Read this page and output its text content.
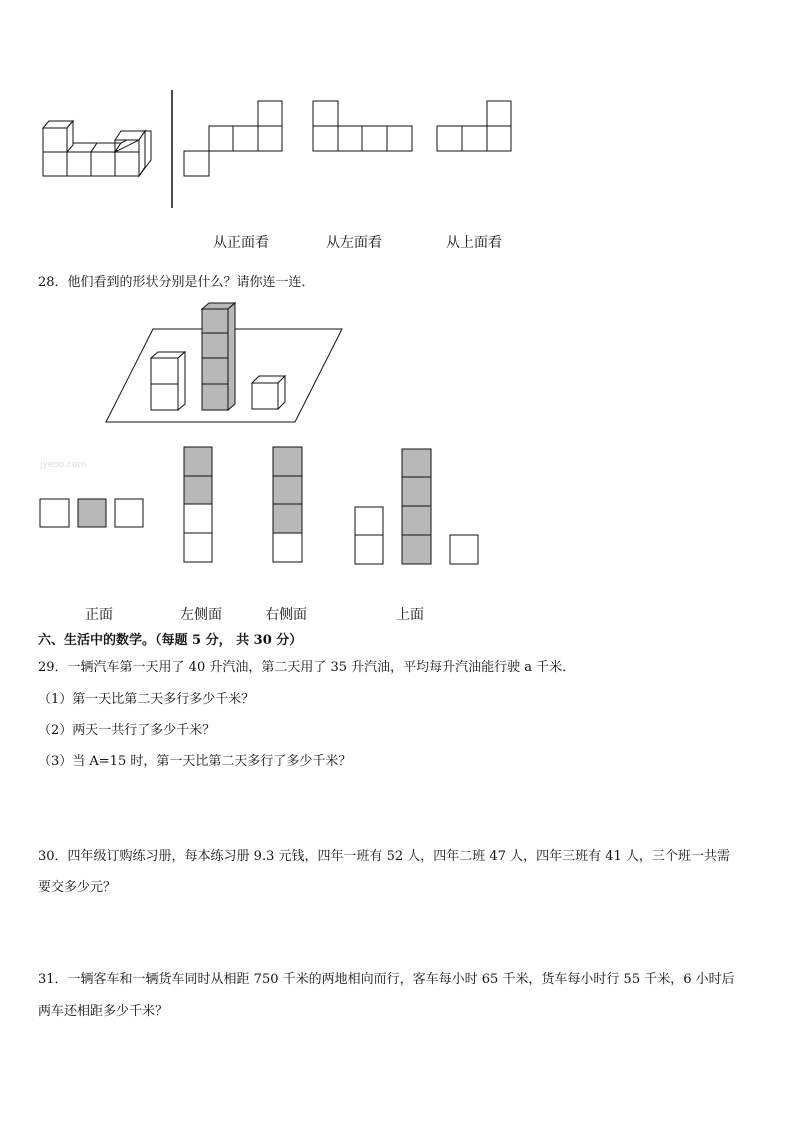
从正面看	从左面看	从上面看
28．他们看到的形状分别是什么？请你连一连．
jyeoo.com
正面	左侧面	右侧面	上面
六、生活中的数学。（每题 5 分， 共 30 分）
29．一辆汽车第一天用了 40 升汽油，第二天用了 35 升汽油，平均每升汽油能行驶 a 千米．
（1）第一天比第二天多行多少千米？
（2）两天一共行了多少千米？
（3）当 A=15 时，第一天比第二天多行了多少千米？
30．四年级订购练习册，每本练习册 9.3 元钱，四年一班有 52 人，四年二班 47 人，四年三班有 41 人，三个班一共需
要交多少元？
31．一辆客车和一辆货车同时从相距 750 千米的两地相向而行，客车每小时 65 千米，货车每小时行 55 千米，6 小时后
两车还相距多少千米？
